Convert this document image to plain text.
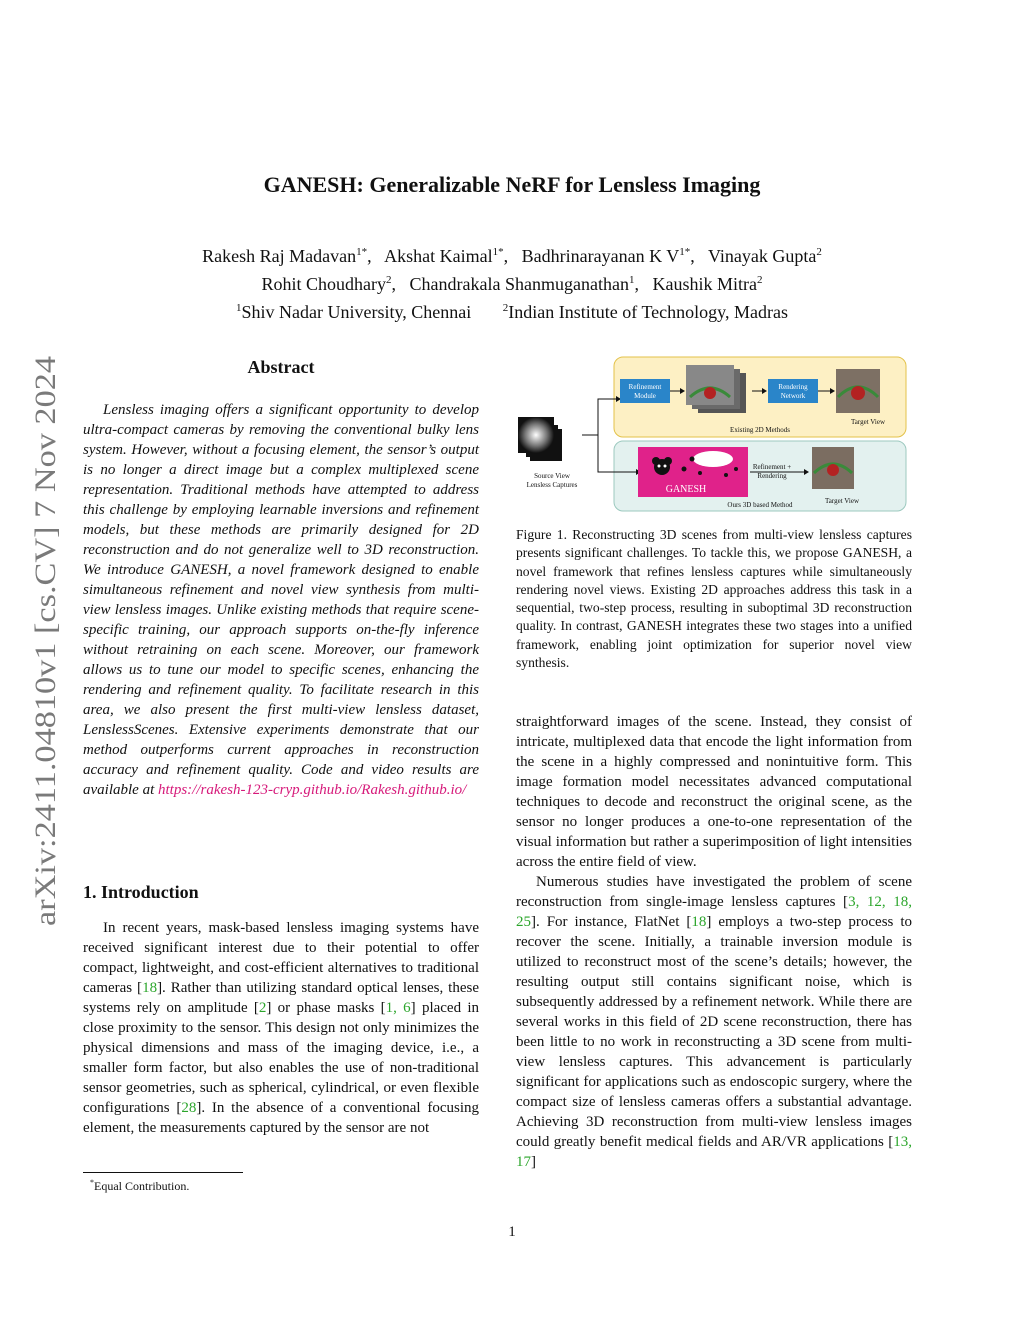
arXiv:2411.04810v1 [cs.CV] 7 Nov 2024
GANESH: Generalizable NeRF for Lensless Imaging
Rakesh Raj Madavan$^{1*}$,   Akshat Kaimal$^{1*}$,   Badhrinarayanan K $V^{1*}$,   Vinayak Gupta$^2$
Rohit Choudhary$^2$,   Chandrakala Shanmuganathan$^1$,   Kaushik Mitra$^2$
$^1$Shiv Nadar University, Chennai	$^2$Indian Institute of Technology, Madras
Abstract

Lensless imaging offers a significant opportunity to develop ultra-compact cameras by removing the conventional bulky lens system. However, without a focusing element, the sensor’s output is no longer a direct image but a complex multiplexed scene representation. Traditional methods have attempted to address this challenge by employing learnable inversions and refinement models, but these methods are primarily designed for 2D reconstruction and do not generalize well to 3D reconstruction. We introduce GANESH, a novel framework designed to enable simultaneous refinement and novel view synthesis from multi-view lensless images. Unlike existing methods that require scene-specific training, our approach supports on-the-fly inference without retraining on each scene. Moreover, our framework allows us to tune our model to specific scenes, enhancing the rendering and refinement quality. To facilitate research in this area, we also present the first multi-view lensless dataset, LenslessScenes. Extensive experiments demonstrate that our method outperforms current approaches in reconstruction accuracy and refinement quality. Code and video results are available at https://rakesh-123-cryp.github.io/Rakesh.github.io/

1. Introduction

In recent years, mask-based lensless imaging systems have received significant interest due to their potential to offer compact, lightweight, and cost-efficient alternatives to traditional cameras [18]. Rather than utilizing standard optical lenses, these systems rely on amplitude [2] or phase masks [1, 6] placed in close proximity to the sensor. This design not only minimizes the physical dimensions and mass of the imaging device, i.e., a smaller form factor, but also enables the use of non-traditional sensor geometries, such as spherical, cylindrical, or even flexible configurations [28]. In the absence of a conventional focusing element, the measurements captured by the sensor are not

*Equal Contribution.
Source View
Lensless Captures
Refinement
Module
Rendering
Network
Target View
Existing 2D Methods
GANESH
Refinement +
Rendering
Target View
Ours 3D based Method

Figure 1. Reconstructing 3D scenes from multi-view lensless captures presents significant challenges. To tackle this, we propose GANESH, a novel framework that refines lensless captures while simultaneously rendering novel views. Existing 2D approaches address this task in a sequential, two-step process, resulting in suboptimal 3D reconstruction quality. In contrast, GANESH integrates these two stages into a unified framework, enabling joint optimization for superior novel view synthesis.

straightforward images of the scene. Instead, they consist of intricate, multiplexed data that encode the light information from the scene in a highly compressed and nonintuitive form. This image formation model necessitates advanced computational techniques to decode and reconstruct the original scene, as the sensor no longer produces a one-to-one representation of the visual information but rather a superimposition of light intensities across the entire field of view.

Numerous studies have investigated the problem of scene reconstruction from single-image lensless captures [3, 12, 18, 25]. For instance, FlatNet [18] employs a two-step process to recover the scene. Initially, a trainable inversion module is utilized to reconstruct most of the scene’s details; however, the resulting output still contains significant noise, which is subsequently addressed by a refinement network. While there are several works in this field of 2D scene reconstruction, there has been little to no work in reconstructing a 3D scene from multi-view lensless captures. This advancement is particularly significant for applications such as endoscopic surgery, where the compact size of lensless cameras offers a substantial advantage. Achieving 3D reconstruction from multi-view lensless images could greatly benefit medical fields and AR/VR applications [13, 17]

1
